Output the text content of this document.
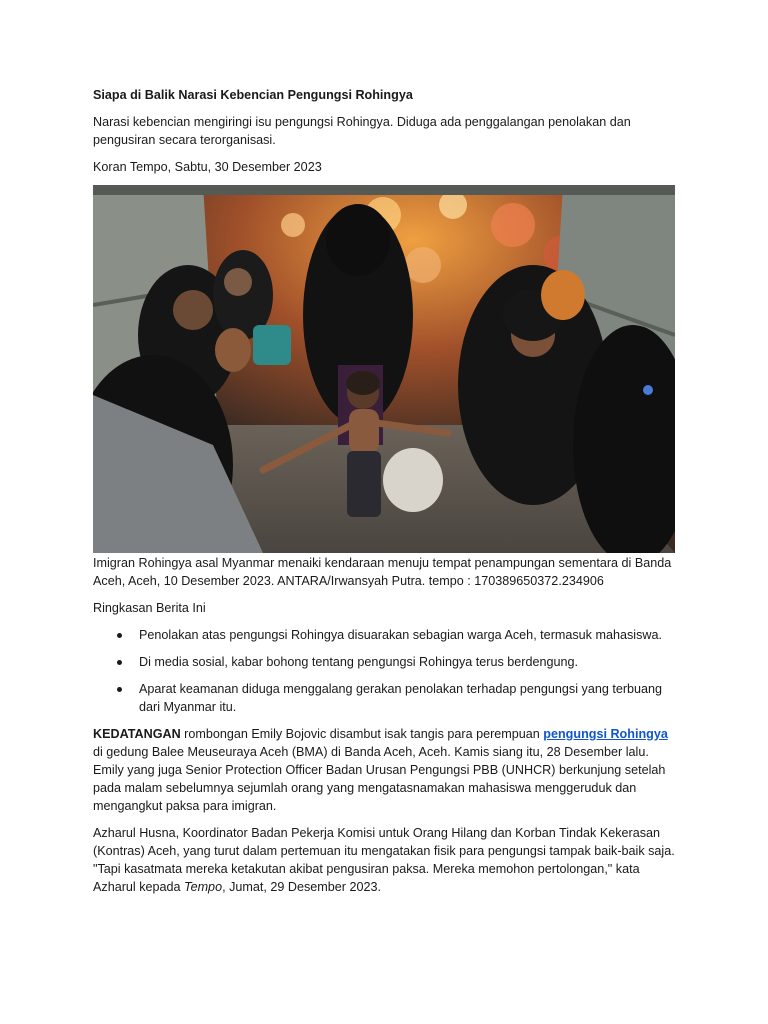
Siapa di Balik Narasi Kebencian Pengungsi Rohingya

Narasi kebencian mengiringi isu pengungsi Rohingya. Diduga ada penggalangan penolakan dan pengusiran secara terorganisasi.

Koran Tempo, Sabtu, 30 Desember 2023

Imigran Rohingya asal Myanmar menaiki kendaraan menuju tempat penampungan sementara di Banda Aceh, Aceh, 10 Desember 2023. ANTARA/Irwansyah Putra. tempo : 170389650372.234906

Ringkasan Berita Ini

Penolakan atas pengungsi Rohingya disuarakan sebagian warga Aceh, termasuk mahasiswa.
Di media sosial, kabar bohong tentang pengungsi Rohingya terus berdengung.
Aparat keamanan diduga menggalang gerakan penolakan terhadap pengungsi yang terbuang dari Myanmar itu.

KEDATANGAN rombongan Emily Bojovic disambut isak tangis para perempuan pengungsi Rohingya di gedung Balee Meuseuraya Aceh (BMA) di Banda Aceh, Aceh. Kamis siang itu, 28 Desember lalu. Emily yang juga Senior Protection Officer Badan Urusan Pengungsi PBB (UNHCR) berkunjung setelah pada malam sebelumnya sejumlah orang yang mengatasnamakan mahasiswa menggeruduk dan mengangkut paksa para imigran.

Azharul Husna, Koordinator Badan Pekerja Komisi untuk Orang Hilang dan Korban Tindak Kekerasan (Kontras) Aceh, yang turut dalam pertemuan itu mengatakan fisik para pengungsi tampak baik-baik saja. "Tapi kasatmata mereka ketakutan akibat pengusiran paksa. Mereka memohon pertolongan," kata Azharul kepada Tempo, Jumat, 29 Desember 2023.
